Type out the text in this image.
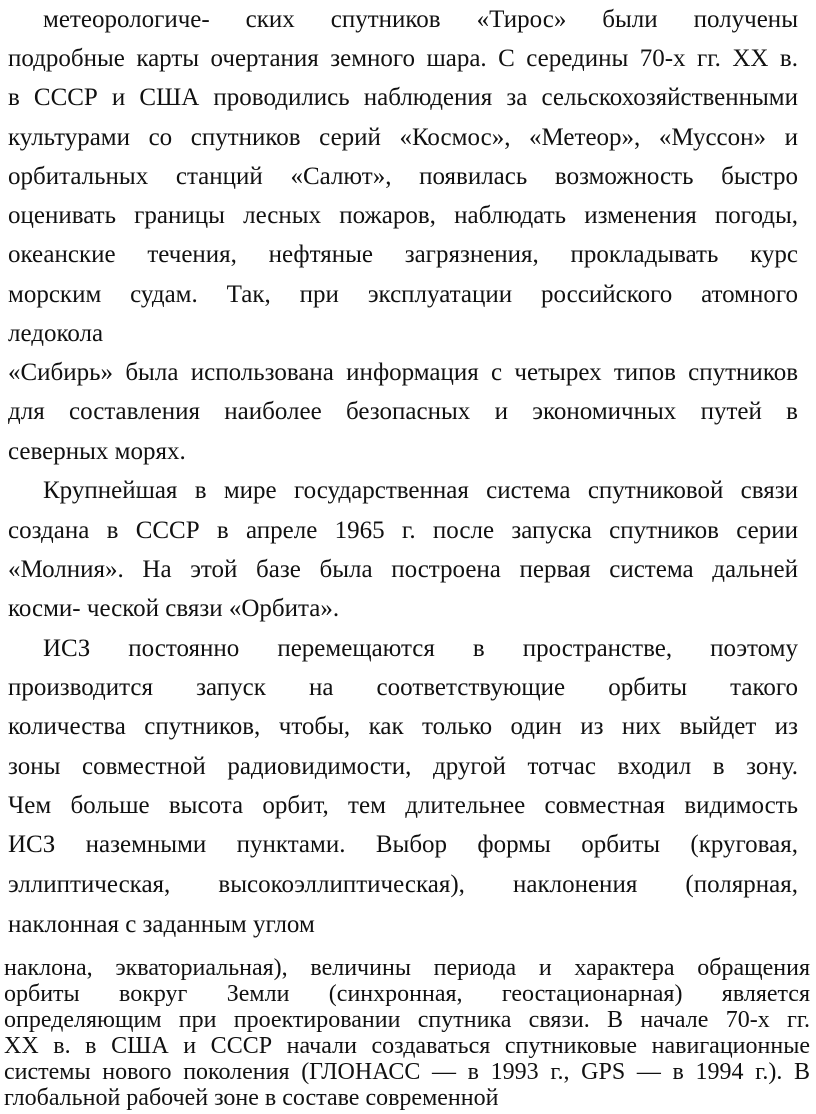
метеорологиче- ских спутников «Тирос» были получены
подробные карты очертания земного шара. С середины 70-х гг. XX в.
в СССР и США проводились наблюдения за сельскохозяйственными
культурами со спутников серий «Космос», «Метеор», «Муссон» и
орбитальных станций «Салют», появилась возможность быстро
оценивать границы лесных пожаров, наблюдать изменения погоды,
океанские течения, нефтяные загрязнения, прокладывать курс
морским судам. Так, при эксплуатации российского атомного
ледокола
«Сибирь» была использована информация с четырех типов спутников
для составления наиболее безопасных и экономичных путей в
северных морях.
Крупнейшая в мире государственная система спутниковой связи
создана в СССР в апреле 1965 г. после запуска спутников серии
«Молния». На этой базе была построена первая система дальней
косми- ческой связи «Орбита».
ИСЗ постоянно перемещаются в пространстве, поэтому
производится запуск на соответствующие орбиты такого
количества спутников, чтобы, как только один из них выйдет из
зоны совместной радиовидимости, другой тотчас входил в зону.
Чем больше высота орбит, тем длительнее совместная видимость
ИСЗ наземными пунктами. Выбор формы орбиты (круговая,
эллиптическая, высокоэллиптическая), наклонения (полярная,
наклонная с заданным углом
наклона, экваториальная), величины периода и характера обращения
орбиты вокруг Земли (синхронная, геостационарная) является
определяющим при проектировании спутника связи. В начале 70-х гг.
XX в. в США и СССР начали создаваться спутниковые навигационные
системы нового поколения (ГЛОНАСС — в 1993 г., GPS — в 1994 г.). В
глобальной рабочей зоне в составе современной
